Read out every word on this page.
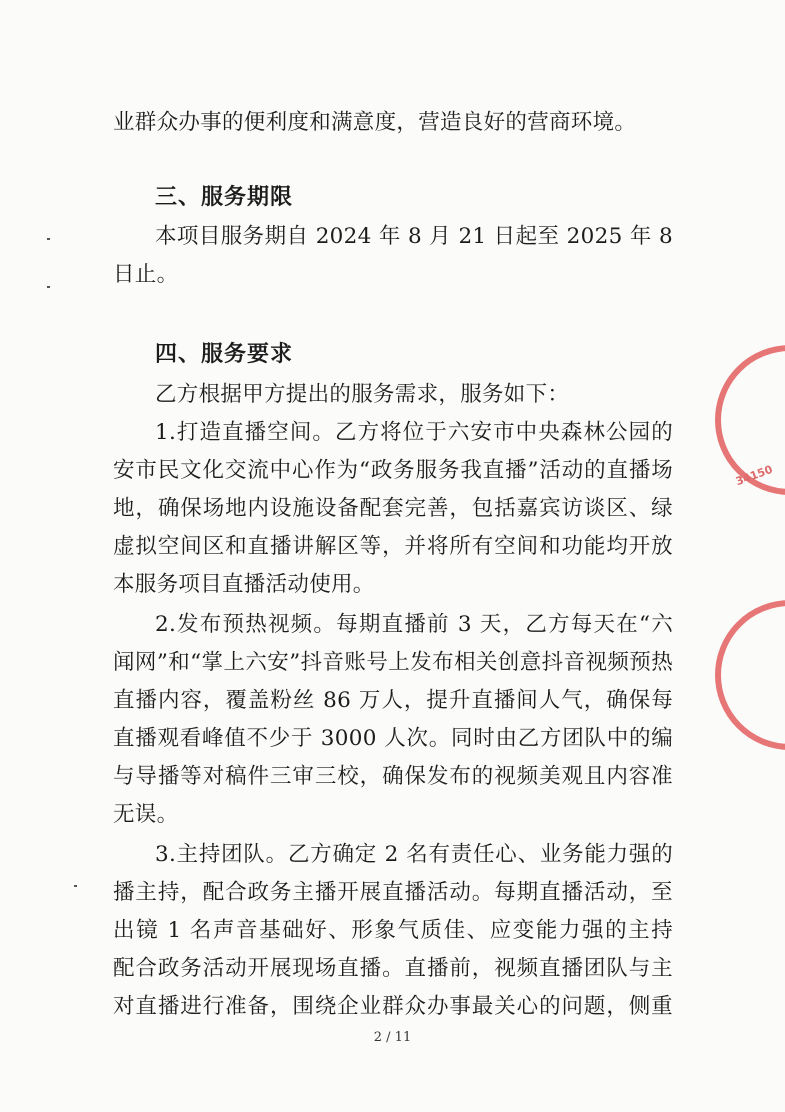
业群众办事的便利度和满意度，营造良好的营商环境。
三、服务期限
本项目服务期自 2024 年 8 月 21 日起至 2025 年 8
日止。
四、服务要求
乙方根据甲方提出的服务需求，服务如下：
1.打造直播空间。乙方将位于六安市中央森林公园的
安市民文化交流中心作为“政务服务我直播”活动的直播场
地，确保场地内设施设备配套完善，包括嘉宾访谈区、绿
虚拟空间区和直播讲解区等，并将所有空间和功能均开放
本服务项目直播活动使用。
2.发布预热视频。每期直播前 3 天，乙方每天在“六
闻网”和“掌上六安”抖音账号上发布相关创意抖音视频预热
直播内容，覆盖粉丝 86 万人，提升直播间人气，确保每
直播观看峰值不少于 3000 人次。同时由乙方团队中的编
与导播等对稿件三审三校，确保发布的视频美观且内容准
无误。
3.主持团队。乙方确定 2 名有责任心、业务能力强的
播主持，配合政务主播开展直播活动。每期直播活动，至
出镜 1 名声音基础好、形象气质佳、应变能力强的主持
配合政务活动开展现场直播。直播前，视频直播团队与主
对直播进行准备，围绕企业群众办事最关心的问题，侧重
2 / 11
34150
